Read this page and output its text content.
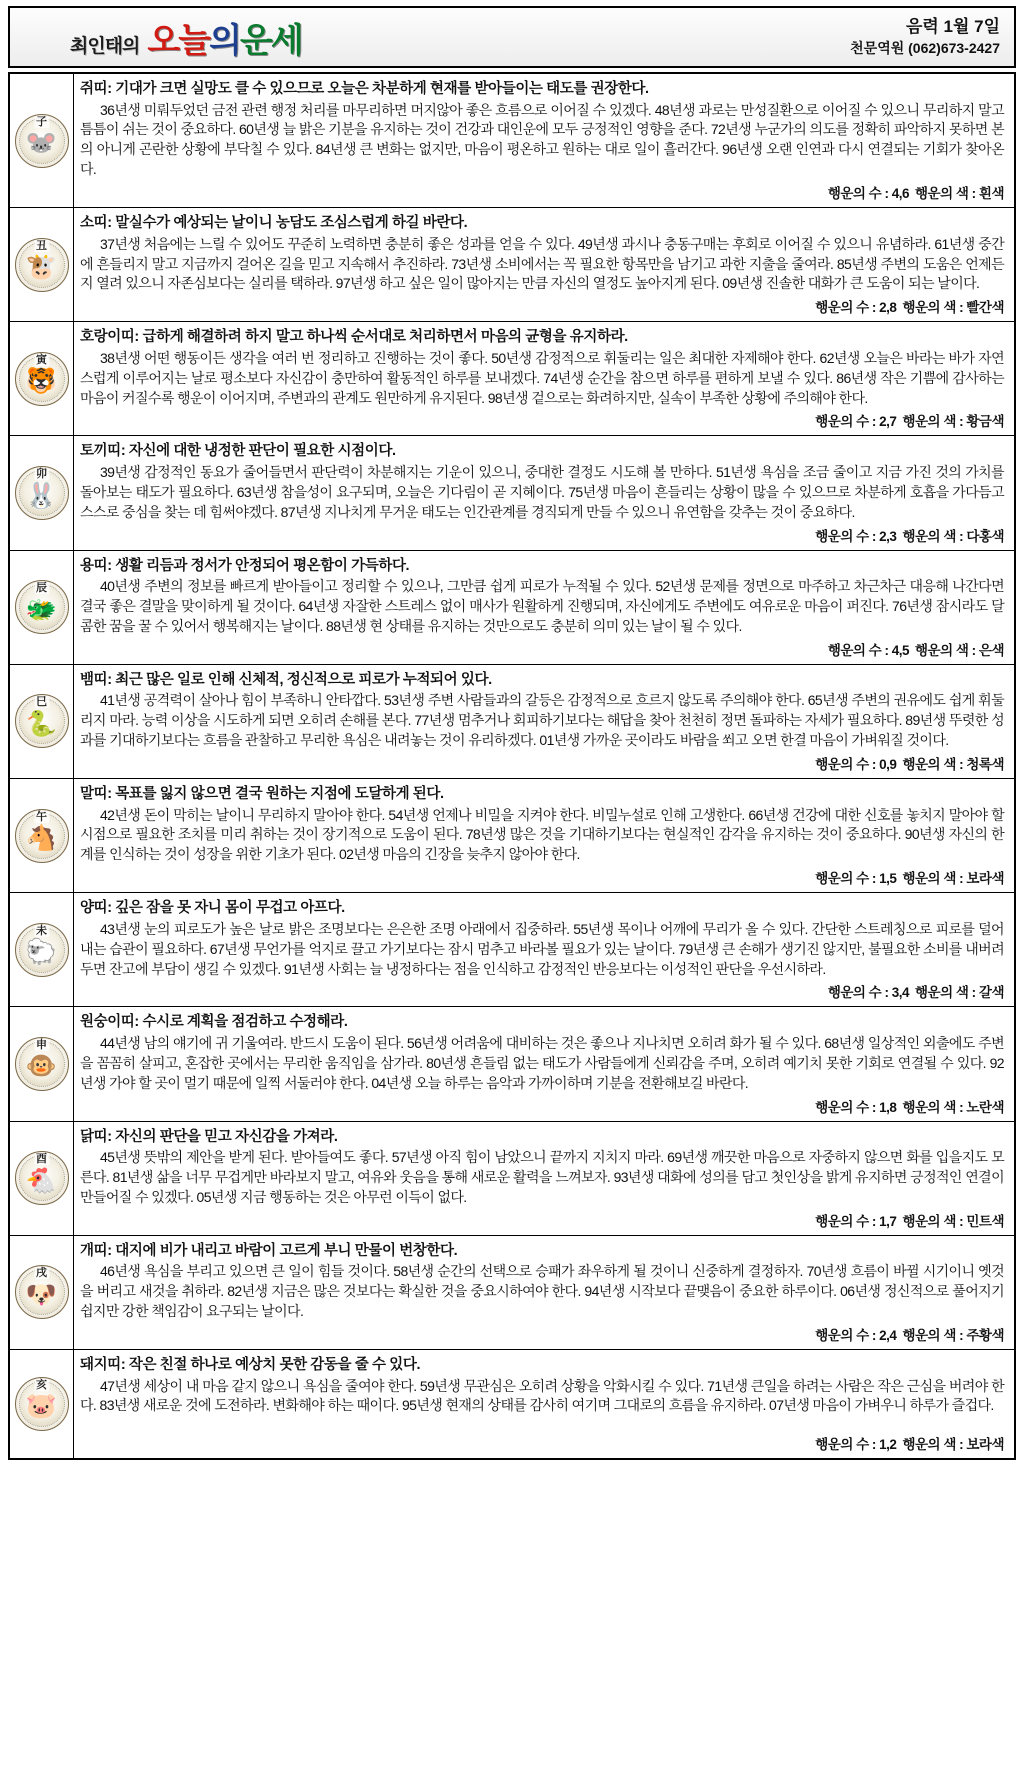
최인태의 오늘의운세	음력 1월 7일
천문역원 (062)673-2427
子
🐭
쥐띠: 기대가 크면 실망도 클 수 있으므로 오늘은 차분하게 현재를 받아들이는 태도를 권장한다.
36년생 미뤄두었던 금전 관련 행정 처리를 마무리하면 머지않아 좋은 흐름으로 이어질 수 있겠다. 48년생 과로는 만성질환으로 이어질 수 있으니 무리하지 말고 틈틈이 쉬는 것이 중요하다. 60년생 늘 밝은 기분을 유지하는 것이 건강과 대인운에 모두 긍정적인 영향을 준다. 72년생 누군가의 의도를 정확히 파악하지 못하면 본의 아니게 곤란한 상황에 부닥칠 수 있다. 84년생 큰 변화는 없지만, 마음이 평온하고 원하는 대로 일이 흘러간다. 96년생 오랜 인연과 다시 연결되는 기회가 찾아온다.
행운의 수 : 4,6 행운의 색 : 흰색
丑
🐮
소띠: 말실수가 예상되는 날이니 농담도 조심스럽게 하길 바란다.
37년생 처음에는 느릴 수 있어도 꾸준히 노력하면 충분히 좋은 성과를 얻을 수 있다. 49년생 과시나 충동구매는 후회로 이어질 수 있으니 유념하라. 61년생 중간에 흔들리지 말고 지금까지 걸어온 길을 믿고 지속해서 추진하라. 73년생 소비에서는 꼭 필요한 항목만을 남기고 과한 지출을 줄여라. 85년생 주변의 도움은 언제든지 열려 있으니 자존심보다는 실리를 택하라. 97년생 하고 싶은 일이 많아지는 만큼 자신의 열정도 높아지게 된다. 09년생 진솔한 대화가 큰 도움이 되는 날이다.
행운의 수 : 2,8 행운의 색 : 빨간색
寅
🐯
호랑이띠: 급하게 해결하려 하지 말고 하나씩 순서대로 처리하면서 마음의 균형을 유지하라.
38년생 어떤 행동이든 생각을 여러 번 정리하고 진행하는 것이 좋다. 50년생 감정적으로 휘둘리는 일은 최대한 자제해야 한다. 62년생 오늘은 바라는 바가 자연스럽게 이루어지는 날로 평소보다 자신감이 충만하여 활동적인 하루를 보내겠다. 74년생 순간을 참으면 하루를 편하게 보낼 수 있다. 86년생 작은 기쁨에 감사하는 마음이 커질수록 행운이 이어지며, 주변과의 관계도 원만하게 유지된다. 98년생 겉으로는 화려하지만, 실속이 부족한 상황에 주의해야 한다.
행운의 수 : 2,7 행운의 색 : 황금색
卯
🐰
토끼띠: 자신에 대한 냉정한 판단이 필요한 시점이다.
39년생 감정적인 동요가 줄어들면서 판단력이 차분해지는 기운이 있으니, 중대한 결정도 시도해 볼 만하다. 51년생 욕심을 조금 줄이고 지금 가진 것의 가치를 돌아보는 태도가 필요하다. 63년생 참을성이 요구되며, 오늘은 기다림이 곧 지혜이다. 75년생 마음이 흔들리는 상황이 많을 수 있으므로 차분하게 호흡을 가다듬고 스스로 중심을 찾는 데 힘써야겠다. 87년생 지나치게 무거운 태도는 인간관계를 경직되게 만들 수 있으니 유연함을 갖추는 것이 중요하다.
행운의 수 : 2,3 행운의 색 : 다홍색
辰
🐲
용띠: 생활 리듬과 정서가 안정되어 평온함이 가득하다.
40년생 주변의 정보를 빠르게 받아들이고 정리할 수 있으나, 그만큼 쉽게 피로가 누적될 수 있다. 52년생 문제를 정면으로 마주하고 차근차근 대응해 나간다면 결국 좋은 결말을 맞이하게 될 것이다. 64년생 자잘한 스트레스 없이 매사가 원활하게 진행되며, 자신에게도 주변에도 여유로운 마음이 퍼진다. 76년생 잠시라도 달콤한 꿈을 꿀 수 있어서 행복해지는 날이다. 88년생 현 상태를 유지하는 것만으로도 충분히 의미 있는 날이 될 수 있다.
행운의 수 : 4,5 행운의 색 : 은색
巳
🐍
뱀띠: 최근 많은 일로 인해 신체적, 정신적으로 피로가 누적되어 있다.
41년생 공격력이 살아나 힘이 부족하니 안타깝다. 53년생 주변 사람들과의 갈등은 감정적으로 흐르지 않도록 주의해야 한다. 65년생 주변의 권유에도 쉽게 휘둘리지 마라. 능력 이상을 시도하게 되면 오히려 손해를 본다. 77년생 멈추거나 회피하기보다는 해답을 찾아 천천히 정면 돌파하는 자세가 필요하다. 89년생 뚜렷한 성과를 기대하기보다는 흐름을 관찰하고 무리한 욕심은 내려놓는 것이 유리하겠다. 01년생 가까운 곳이라도 바람을 쐬고 오면 한결 마음이 가벼워질 것이다.
행운의 수 : 0,9 행운의 색 : 청록색
午
🐴
말띠: 목표를 잃지 않으면 결국 원하는 지점에 도달하게 된다.
42년생 돈이 막히는 날이니 무리하지 말아야 한다. 54년생 언제나 비밀을 지켜야 한다. 비밀누설로 인해 고생한다. 66년생 건강에 대한 신호를 놓치지 말아야 할 시점으로 필요한 조치를 미리 취하는 것이 장기적으로 도움이 된다. 78년생 많은 것을 기대하기보다는 현실적인 감각을 유지하는 것이 중요하다. 90년생 자신의 한계를 인식하는 것이 성장을 위한 기초가 된다. 02년생 마음의 긴장을 늦추지 않아야 한다.
행운의 수 : 1,5 행운의 색 : 보라색
未
🐑
양띠: 깊은 잠을 못 자니 몸이 무겁고 아프다.
43년생 눈의 피로도가 높은 날로 밝은 조명보다는 은은한 조명 아래에서 집중하라. 55년생 목이나 어깨에 무리가 올 수 있다. 간단한 스트레칭으로 피로를 덜어내는 습관이 필요하다. 67년생 무언가를 억지로 끌고 가기보다는 잠시 멈추고 바라볼 필요가 있는 날이다. 79년생 큰 손해가 생기진 않지만, 불필요한 소비를 내버려 두면 잔고에 부담이 생길 수 있겠다. 91년생 사회는 늘 냉정하다는 점을 인식하고 감정적인 반응보다는 이성적인 판단을 우선시하라.
행운의 수 : 3,4 행운의 색 : 갈색
申
🐵
원숭이띠: 수시로 계획을 점검하고 수정해라.
44년생 남의 얘기에 귀 기울여라. 반드시 도움이 된다. 56년생 어려움에 대비하는 것은 좋으나 지나치면 오히려 화가 될 수 있다. 68년생 일상적인 외출에도 주변을 꼼꼼히 살피고, 혼잡한 곳에서는 무리한 움직임을 삼가라. 80년생 흔들림 없는 태도가 사람들에게 신뢰감을 주며, 오히려 예기치 못한 기회로 연결될 수 있다. 92년생 가야 할 곳이 멀기 때문에 일찍 서둘러야 한다. 04년생 오늘 하루는 음악과 가까이하며 기분을 전환해보길 바란다.
행운의 수 : 1,8 행운의 색 : 노란색
酉
🐔
닭띠: 자신의 판단을 믿고 자신감을 가져라.
45년생 뜻밖의 제안을 받게 된다. 받아들여도 좋다. 57년생 아직 힘이 남았으니 끝까지 지치지 마라. 69년생 깨끗한 마음으로 자중하지 않으면 화를 입을지도 모른다. 81년생 삶을 너무 무겁게만 바라보지 말고, 여유와 웃음을 통해 새로운 활력을 느껴보자. 93년생 대화에 성의를 담고 첫인상을 밝게 유지하면 긍정적인 연결이 만들어질 수 있겠다. 05년생 지금 행동하는 것은 아무런 이득이 없다.
행운의 수 : 1,7 행운의 색 : 민트색
戌
🐶
개띠: 대지에 비가 내리고 바람이 고르게 부니 만물이 번창한다.
46년생 욕심을 부리고 있으면 큰 일이 힘들 것이다. 58년생 순간의 선택으로 승패가 좌우하게 될 것이니 신중하게 결정하자. 70년생 흐름이 바뀔 시기이니 옛것을 버리고 새것을 취하라. 82년생 지금은 많은 것보다는 확실한 것을 중요시하여야 한다. 94년생 시작보다 끝맺음이 중요한 하루이다. 06년생 정신적으로 풀어지기 쉽지만 강한 책임감이 요구되는 날이다.
행운의 수 : 2,4 행운의 색 : 주황색
亥
🐷
돼지띠: 작은 친절 하나로 예상치 못한 감동을 줄 수 있다.
47년생 세상이 내 마음 같지 않으니 욕심을 줄여야 한다. 59년생 무관심은 오히려 상황을 악화시킬 수 있다. 71년생 큰일을 하려는 사람은 작은 근심을 버려야 한다. 83년생 새로운 것에 도전하라. 변화해야 하는 때이다. 95년생 현재의 상태를 감사히 여기며 그대로의 흐름을 유지하라. 07년생 마음이 가벼우니 하루가 즐겁다.
행운의 수 : 1,2 행운의 색 : 보라색
